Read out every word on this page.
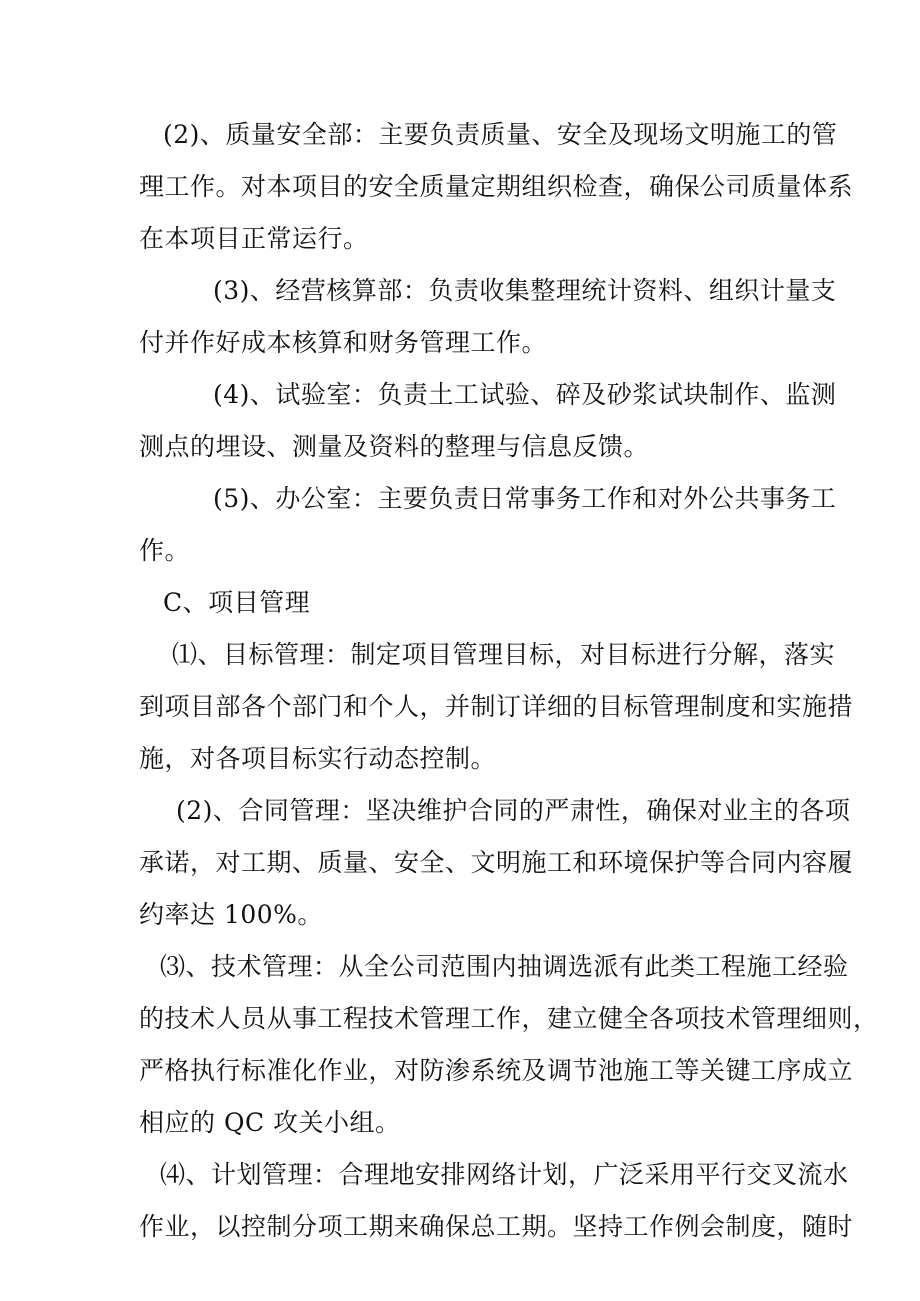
(2)、质量安全部：主要负责质量、安全及现场文明施工的管

理工作。对本项目的安全质量定期组织检查，确保公司质量体系

在本项目正常运行。

(3)、经营核算部：负责收集整理统计资料、组织计量支

付并作好成本核算和财务管理工作。

(4)、试验室：负责土工试验、碎及砂浆试块制作、监测

测点的埋设、测量及资料的整理与信息反馈。

(5)、办公室：主要负责日常事务工作和对外公共事务工

作。

C、项目管理

⑴、目标管理：制定项目管理目标，对目标进行分解，落实

到项目部各个部门和个人，并制订详细的目标管理制度和实施措

施，对各项目标实行动态控制。

(2)、合同管理：坚决维护合同的严肃性，确保对业主的各项

承诺，对工期、质量、安全、文明施工和环境保护等合同内容履

约率达 100%。

⑶、技术管理：从全公司范围内抽调选派有此类工程施工经验

的技术人员从事工程技术管理工作，建立健全各项技术管理细则，

严格执行标准化作业，对防渗系统及调节池施工等关键工序成立

相应的 QC 攻关小组。

⑷、计划管理：合理地安排网络计划，广泛采用平行交叉流水

作业，以控制分项工期来确保总工期。坚持工作例会制度，随时
